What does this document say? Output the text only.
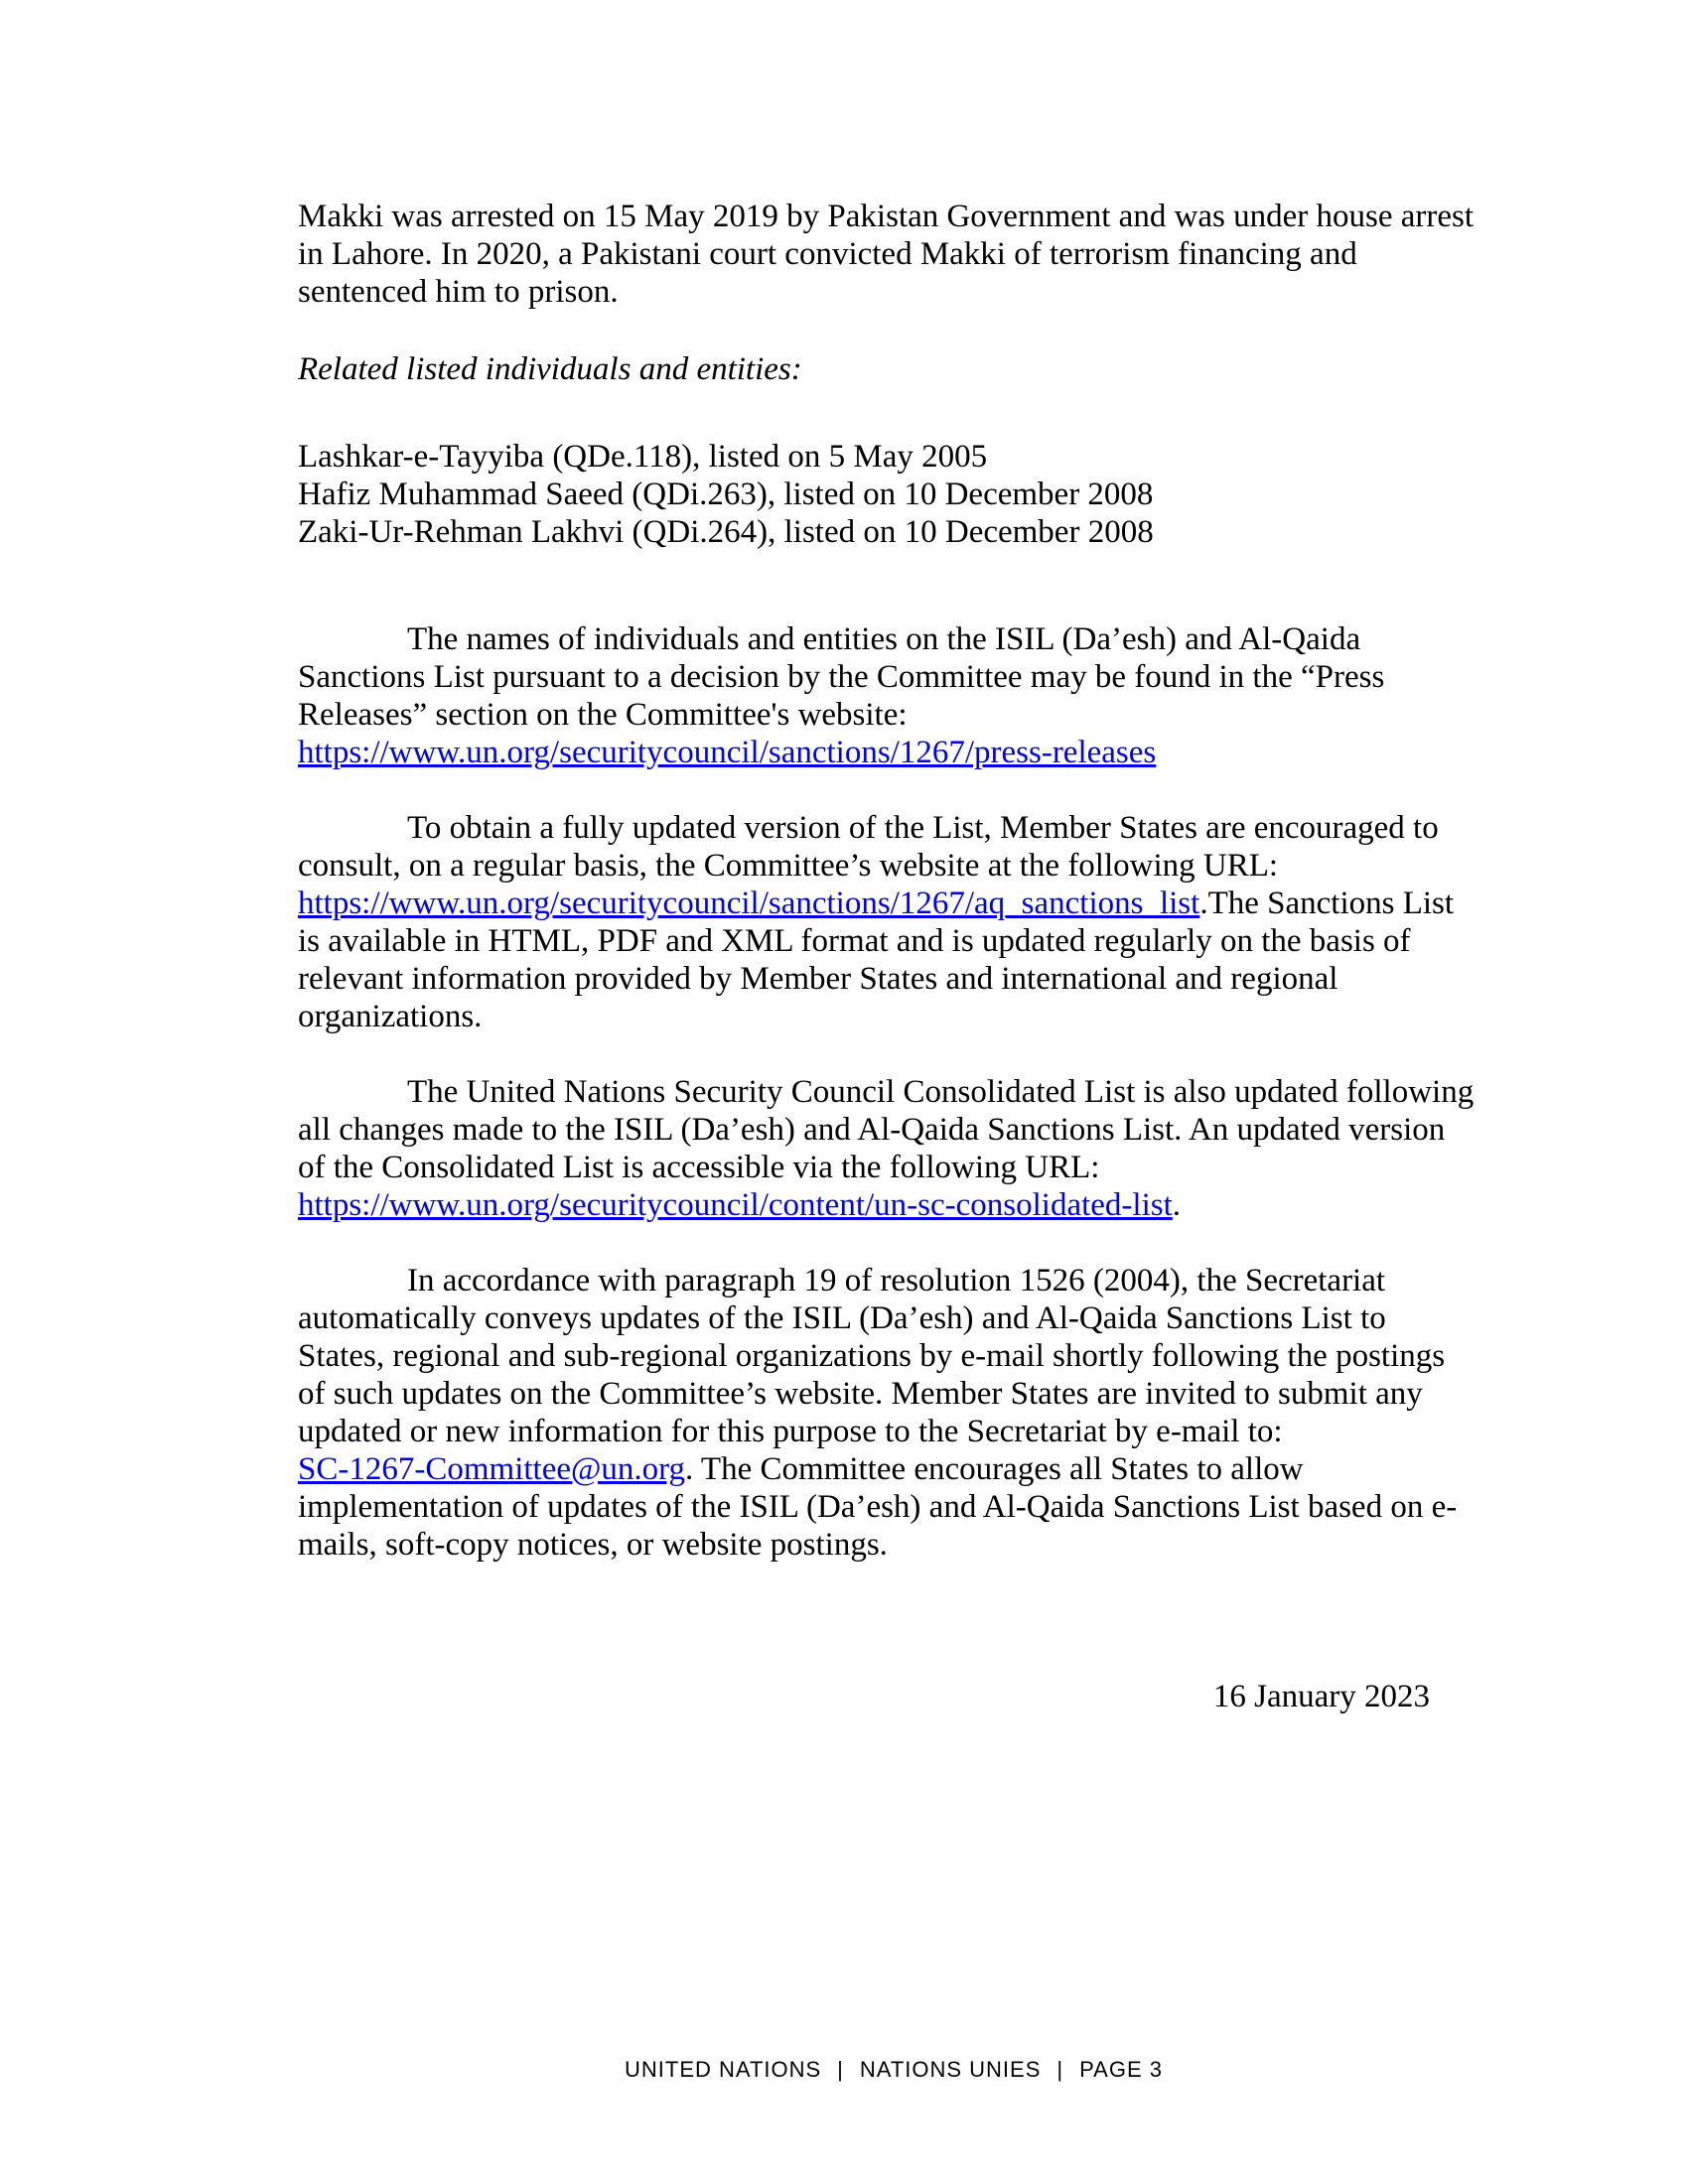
Makki was arrested on 15 May 2019 by Pakistan Government and was under house arrest
in Lahore. In 2020, a Pakistani court convicted Makki of terrorism financing and
sentenced him to prison.
Related listed individuals and entities:
Lashkar-e-Tayyiba (QDe.118), listed on 5 May 2005
Hafiz Muhammad Saeed (QDi.263), listed on 10 December 2008
Zaki-Ur-Rehman Lakhvi (QDi.264), listed on 10 December 2008
The names of individuals and entities on the ISIL (Da’esh) and Al-Qaida
Sanctions List pursuant to a decision by the Committee may be found in the “Press
Releases” section on the Committee's website:
https://www.un.org/securitycouncil/sanctions/1267/press-releases
To obtain a fully updated version of the List, Member States are encouraged to
consult, on a regular basis, the Committee’s website at the following URL:
https://www.un.org/securitycouncil/sanctions/1267/aq_sanctions_list.The Sanctions List
is available in HTML, PDF and XML format and is updated regularly on the basis of
relevant information provided by Member States and international and regional
organizations.
The United Nations Security Council Consolidated List is also updated following
all changes made to the ISIL (Da’esh) and Al-Qaida Sanctions List. An updated version
of the Consolidated List is accessible via the following URL:
https://www.un.org/securitycouncil/content/un-sc-consolidated-list.
In accordance with paragraph 19 of resolution 1526 (2004), the Secretariat
automatically conveys updates of the ISIL (Da’esh) and Al-Qaida Sanctions List to
States, regional and sub-regional organizations by e-mail shortly following the postings
of such updates on the Committee’s website. Member States are invited to submit any
updated or new information for this purpose to the Secretariat by e-mail to:
SC-1267-Committee@un.org. The Committee encourages all States to allow
implementation of updates of the ISIL (Da’esh) and Al-Qaida Sanctions List based on e-
mails, soft-copy notices, or website postings.
16 January 2023
UNITED NATIONS | NATIONS UNIES | PAGE 3
